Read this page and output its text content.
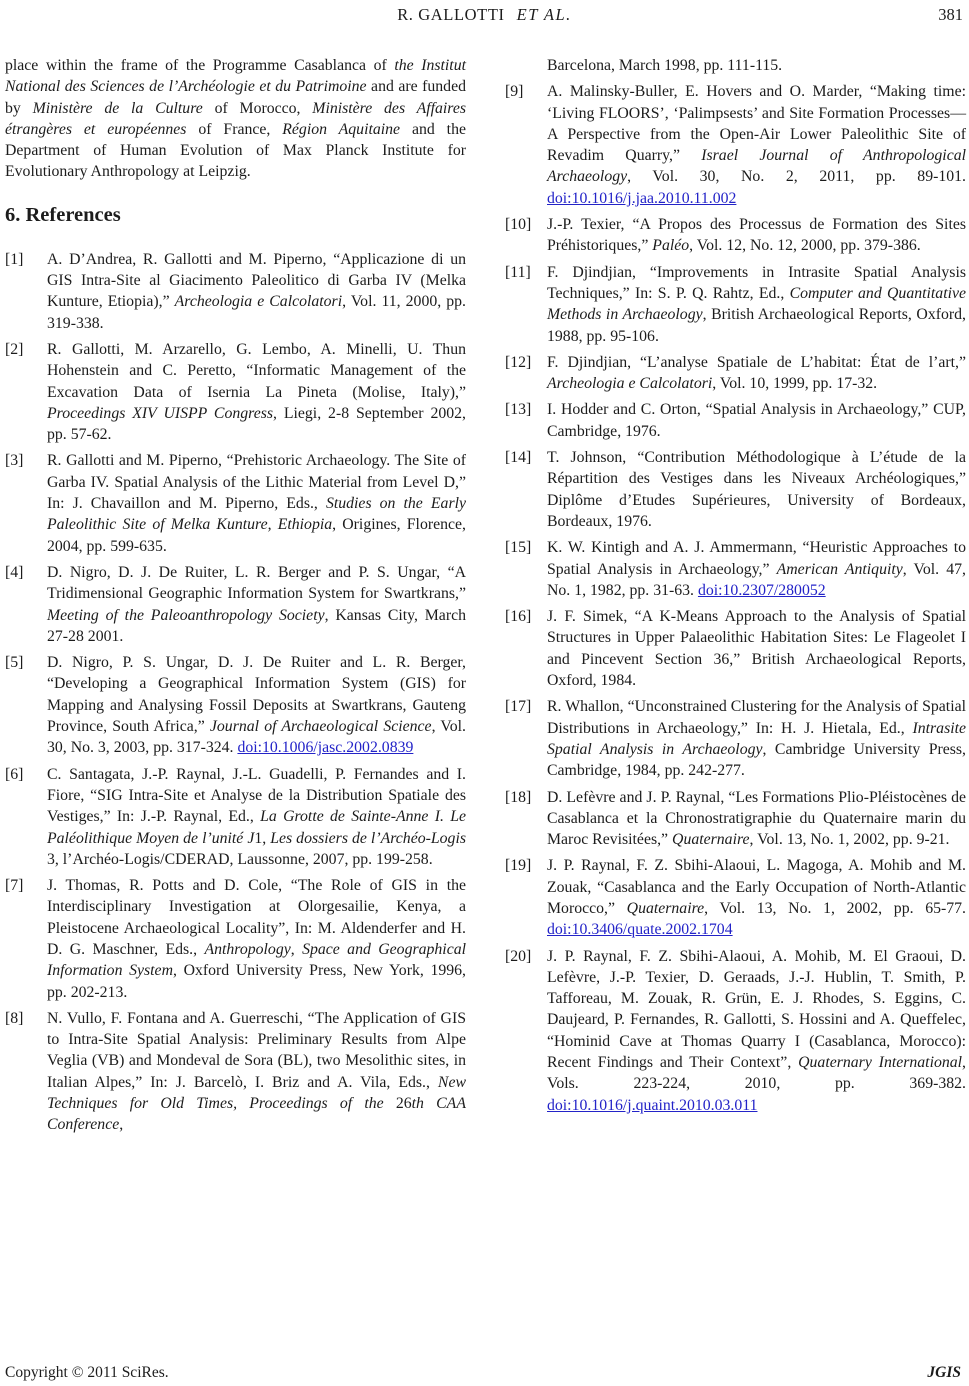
R. GALLOTTI ET AL.	381

place within the frame of the Programme Casablanca of the Institut National des Sciences de l’Archéologie et du Patrimoine and are funded by Ministère de la Culture of Morocco, Ministère des Affaires étrangères et européennes of France, Région Aquitaine and the Department of Human Evolution of Max Planck Institute for Evolutionary Anthropology at Leipzig.

6. References
[1] A. D’Andrea, R. Gallotti and M. Piperno, “Applicazione di un GIS Intra-Site al Giacimento Paleolitico di Garba IV (Melka Kunture, Etiopia),” Archeologia e Calcolatori, Vol. 11, 2000, pp. 319-338.
[2] R. Gallotti, M. Arzarello, G. Lembo, A. Minelli, U. Thun Hohenstein and C. Peretto, “Informatic Management of the Excavation Data of Isernia La Pineta (Molise, Italy),” Proceedings XIV UISPP Congress, Liegi, 2-8 September 2002, pp. 57-62.
[3] R. Gallotti and M. Piperno, “Prehistoric Archaeology. The Site of Garba IV. Spatial Analysis of the Lithic Material from Level D,” In: J. Chavaillon and M. Piperno, Eds., Studies on the Early Paleolithic Site of Melka Kunture, Ethiopia, Origines, Florence, 2004, pp. 599-635.
[4] D. Nigro, D. J. De Ruiter, L. R. Berger and P. S. Ungar, “A Tridimensional Geographic Information System for Swartkrans,” Meeting of the Paleoanthropology Society, Kansas City, March 27-28 2001.
[5] D. Nigro, P. S. Ungar, D. J. De Ruiter and L. R. Berger, “Developing a Geographical Information System (GIS) for Mapping and Analysing Fossil Deposits at Swartkrans, Gauteng Province, South Africa,” Journal of Archaeological Science, Vol. 30, No. 3, 2003, pp. 317-324. doi:10.1006/jasc.2002.0839
[6] C. Santagata, J.-P. Raynal, J.-L. Guadelli, P. Fernandes and I. Fiore, “SIG Intra-Site et Analyse de la Distribution Spatiale des Vestiges,” In: J.-P. Raynal, Ed., La Grotte de Sainte-Anne I. Le Paléolithique Moyen de l’unité J1, Les dossiers de l’Archéo-Logis 3, l’Archéo-Logis/CDERAD, Laussonne, 2007, pp. 199-258.
[7] J. Thomas, R. Potts and D. Cole, “The Role of GIS in the Interdisciplinary Investigation at Olorgesailie, Kenya, a Pleistocene Archaeological Locality”, In: M. Aldenderfer and H. D. G. Maschner, Eds., Anthropology, Space and Geographical Information System, Oxford University Press, New York, 1996, pp. 202-213.
[8] N. Vullo, F. Fontana and A. Guerreschi, “The Application of GIS to Intra-Site Spatial Analysis: Preliminary Results from Alpe Veglia (VB) and Mondeval de Sora (BL), two Mesolithic sites, in Italian Alpes,” In: J. Barcelò, I. Briz and A. Vila, Eds., New Techniques for Old Times, Proceedings of the 26th CAA Conference,

Barcelona, March 1998, pp. 111-115.

[9] A. Malinsky-Buller, E. Hovers and O. Marder, “Making time: ‘Living FLOORS’, ‘Palimpsests’ and Site Formation Processes—A Perspective from the Open-Air Lower Paleolithic Site of Revadim Quarry,” Israel Journal of Anthropological Archaeology, Vol. 30, No. 2, 2011, pp. 89-101. doi:10.1016/j.jaa.2010.11.002
[10] J.-P. Texier, “A Propos des Processus de Formation des Sites Préhistoriques,” Paléo, Vol. 12, No. 12, 2000, pp. 379-386.
[11] F. Djindjian, “Improvements in Intrasite Spatial Analysis Techniques,” In: S. P. Q. Rahtz, Ed., Computer and Quantitative Methods in Archaeology, British Archaeological Reports, Oxford, 1988, pp. 95-106.
[12] F. Djindjian, “L’analyse Spatiale de L’habitat: État de l’art,” Archeologia e Calcolatori, Vol. 10, 1999, pp. 17-32.
[13] I. Hodder and C. Orton, “Spatial Analysis in Archaeology,” CUP, Cambridge, 1976.
[14] T. Johnson, “Contribution Méthodologique à L’étude de la Répartition des Vestiges dans les Niveaux Archéologiques,” Diplôme d’Etudes Supérieures, University of Bordeaux, Bordeaux, 1976.
[15] K. W. Kintigh and A. J. Ammermann, “Heuristic Approaches to Spatial Analysis in Archaeology,” American Antiquity, Vol. 47, No. 1, 1982, pp. 31-63. doi:10.2307/280052
[16] J. F. Simek, “A K-Means Approach to the Analysis of Spatial Structures in Upper Palaeolithic Habitation Sites: Le Flageolet I and Pincevent Section 36,” British Archaeological Reports, Oxford, 1984.
[17] R. Whallon, “Unconstrained Clustering for the Analysis of Spatial Distributions in Archaeology,” In: H. J. Hietala, Ed., Intrasite Spatial Analysis in Archaeology, Cambridge University Press, Cambridge, 1984, pp. 242-277.
[18] D. Lefèvre and J. P. Raynal, “Les Formations Plio-Pléistocènes de Casablanca et la Chronostratigraphie du Quaternaire marin du Maroc Revisitées,” Quaternaire, Vol. 13, No. 1, 2002, pp. 9-21.
[19] J. P. Raynal, F. Z. Sbihi-Alaoui, L. Magoga, A. Mohib and M. Zouak, “Casablanca and the Early Occupation of North-Atlantic Morocco,” Quaternaire, Vol. 13, No. 1, 2002, pp. 65-77. doi:10.3406/quate.2002.1704
[20] J. P. Raynal, F. Z. Sbihi-Alaoui, A. Mohib, M. El Graoui, D. Lefèvre, J.-P. Texier, D. Geraads, J.-J. Hublin, T. Smith, P. Tafforeau, M. Zouak, R. Grün, E. J. Rhodes, S. Eggins, C. Daujeard, P. Fernandes, R. Gallotti, S. Hossini and A. Queffelec, “Hominid Cave at Thomas Quarry I (Casablanca, Morocco): Recent Findings and Their Context”, Quaternary International, Vols. 223-224, 2010, pp. 369-382. doi:10.1016/j.quaint.2010.03.011
Copyright © 2011 SciRes.	JGIS
